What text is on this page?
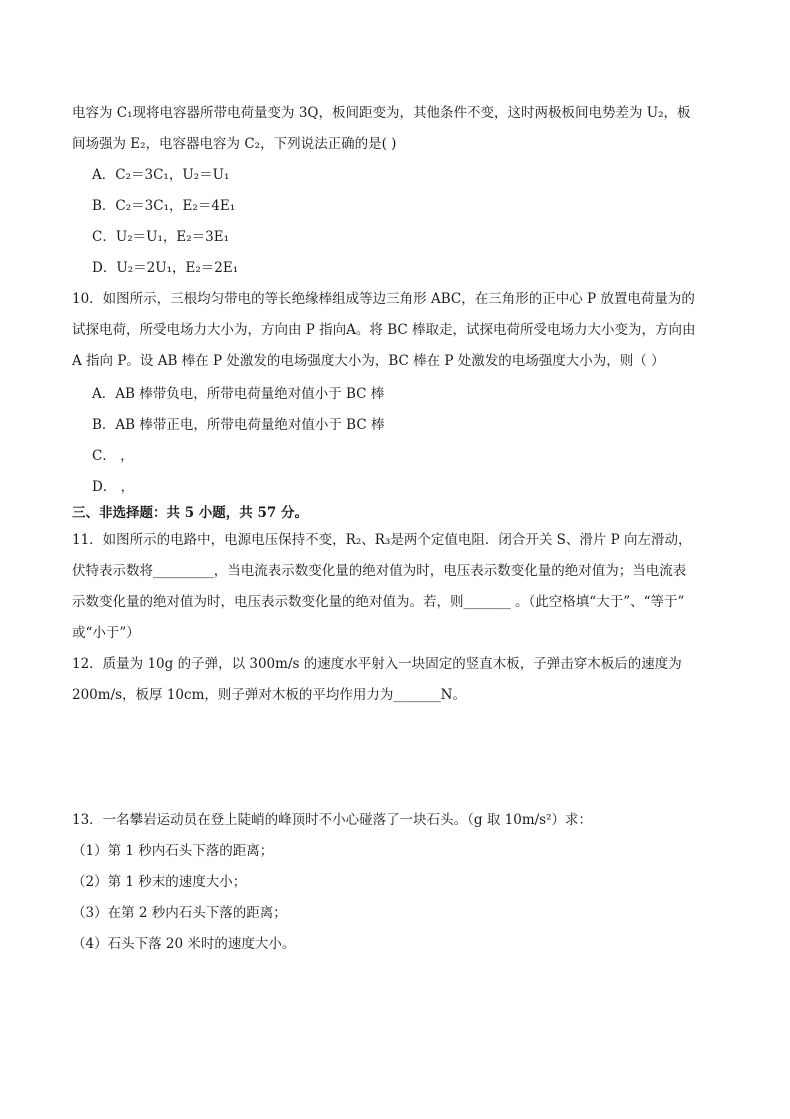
电容为 C₁现将电容器所带电荷量变为 3Q，板间距变为，其他条件不变，这时两极板间电势差为 U₂，板
间场强为 E₂，电容器电容为 C₂，下列说法正确的是( )
A．C₂＝3C₁，U₂＝U₁
B．C₂＝3C₁，E₂＝4E₁
C．U₂＝U₁，E₂＝3E₁
D．U₂＝2U₁，E₂＝2E₁
10．如图所示，三根均匀带电的等长绝缘棒组成等边三角形 ABC，在三角形的正中心 P 放置电荷量为的
试探电荷，所受电场力大小为，方向由 P 指向A。将 BC 棒取走，试探电荷所受电场力大小变为，方向由
A 指向 P。设 AB 棒在 P 处激发的电场强度大小为，BC 棒在 P 处激发的电场强度大小为，则（ ）
A．AB 棒带负电，所带电荷量绝对值小于 BC 棒
B．AB 棒带正电，所带电荷量绝对值小于 BC 棒
C． ，
D． ，
三、非选择题：共 5 小题，共 57 分。
11．如图所示的电路中，电源电压保持不变，R₂、R₃是两个定值电阻．闭合开关 S、滑片 P 向左滑动，
伏特表示数将_________，当电流表示数变化量的绝对值为时，电压表示数变化量的绝对值为；当电流表
示数变化量的绝对值为时，电压表示数变化量的绝对值为。若，则_______ 。（此空格填“大于”、“等于”
或“小于”）
12．质量为 10g 的子弹，以 300m/s 的速度水平射入一块固定的竖直木板，子弹击穿木板后的速度为
200m/s，板厚 10cm，则子弹对木板的平均作用力为_______N。
13．一名攀岩运动员在登上陡峭的峰顶时不小心碰落了一块石头。（g 取 10m/s²）求：
（1）第 1 秒内石头下落的距离；
（2）第 1 秒末的速度大小；
（3）在第 2 秒内石头下落的距离；
（4）石头下落 20 米时的速度大小。
